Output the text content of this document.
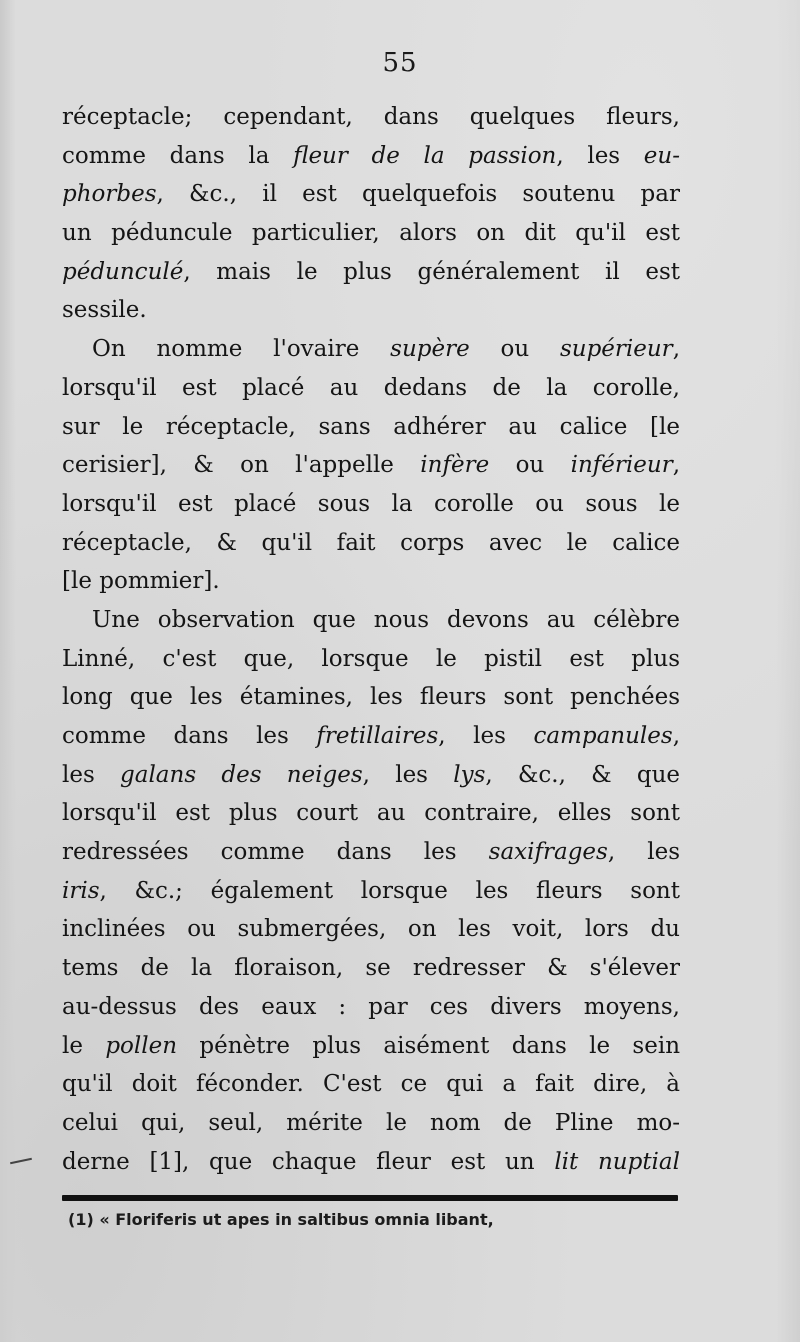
55
réceptacle; cependant, dans quelques fleurs,
comme dans la fleur de la passion, les eu-
phorbes, &c., il est quelquefois soutenu par
un péduncule particulier, alors on dit qu'il est
pédunculé, mais le plus généralement il est
sessile.
On nomme l'ovaire supère ou supérieur,
lorsqu'il est placé au dedans de la corolle,
sur le réceptacle, sans adhérer au calice [le
cerisier], & on l'appelle infère ou inférieur,
lorsqu'il est placé sous la corolle ou sous le
réceptacle, & qu'il fait corps avec le calice
[le pommier].
Une observation que nous devons au célèbre
Linné, c'est que, lorsque le pistil est plus
long que les étamines, les fleurs sont penchées
comme dans les fretillaires, les campanules,
les galans des neiges, les lys, &c., & que
lorsqu'il est plus court au contraire, elles sont
redressées comme dans les saxifrages, les
iris, &c.; également lorsque les fleurs sont
inclinées ou submergées, on les voit, lors du
tems de la floraison, se redresser & s'élever
au-dessus des eaux : par ces divers moyens,
le pollen pénètre plus aisément dans le sein
qu'il doit féconder. C'est ce qui a fait dire, à
celui qui, seul, mérite le nom de Pline mo-
derne [1], que chaque fleur est un lit nuptial
(1) « Floriferis ut apes in saltibus omnia libant,
